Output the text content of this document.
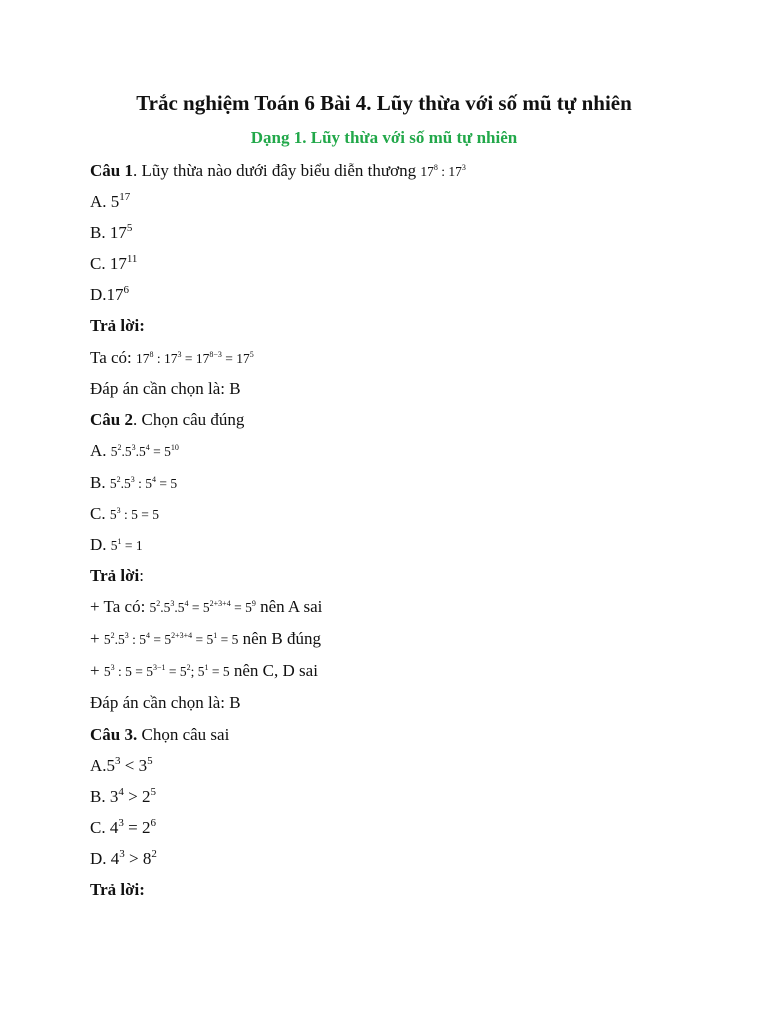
Trắc nghiệm Toán 6 Bài 4. Lũy thừa với số mũ tự nhiên
Dạng 1. Lũy thừa với số mũ tự nhiên
Câu 1. Lũy thừa nào dưới đây biểu diễn thương $17^8$ : $17^3$
A. $5^{17}$
B. $17^5$
C. $17^{11}$
$D.17^6$
Trả lời:
Ta có: $17^8$ : $17^3 = 17^{8-3} = 17^5$
Đáp án cần chọn là: B
Câu 2. Chọn câu đúng
A. $5^2.5^3.5^4 = 5^{10}$
B. $5^2.5^3$ : $5^4 = 5$
C. $5^3$ : 5 = 5
D. $5^1 = 1$
Trả lời:
+ Ta có: $5^2.5^3.5^4 = 5^{2+3+4} = 5^9$ nên A sai
+ $5^2.5^3$ : $5^4 = 5^{2+3+4} = 5^1 = 5$ nên B đúng
+ $5^3$ : $5 = 5^{3-1} = 5^2$; $5^1 = 5$ nên C, D sai
Đáp án cần chọn là: B
Câu 3. Chọn câu sai
$A.5^3 < 3^5$
B. $3^4 > 2^5$
C. $4^3 = 2^6$
D. $4^3 > 8^2$
Trả lời:
